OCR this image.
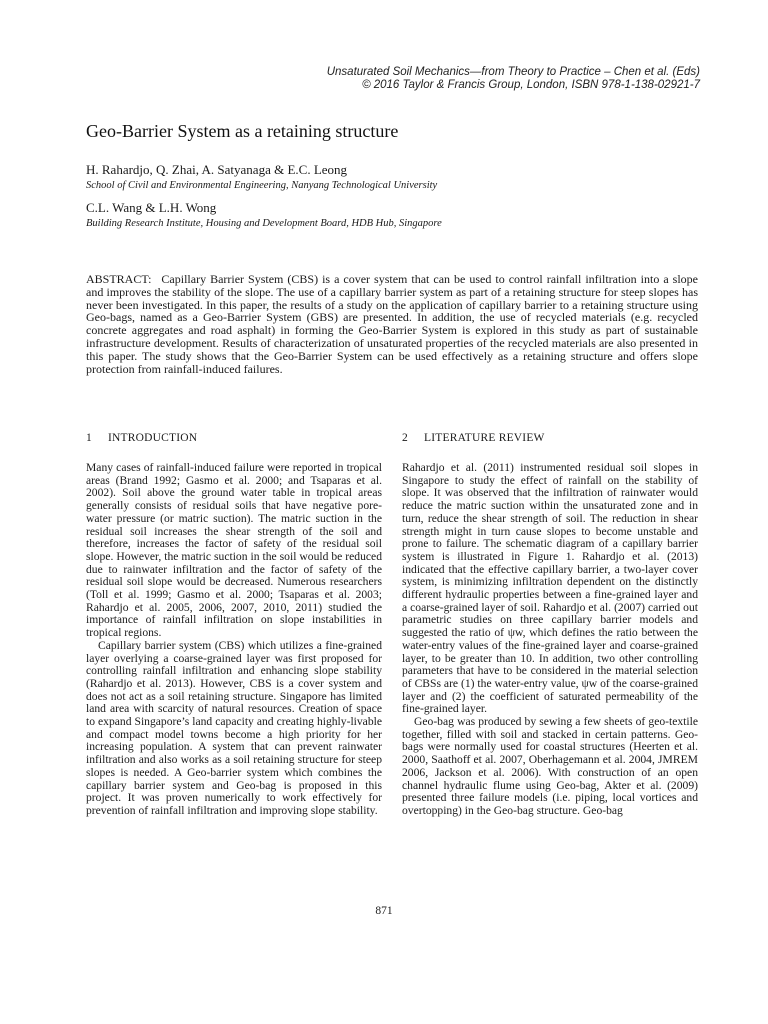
Unsaturated Soil Mechanics—from Theory to Practice – Chen et al. (Eds)
© 2016 Taylor & Francis Group, London, ISBN 978-1-138-02921-7
Geo-Barrier System as a retaining structure

H. Rahardjo, Q. Zhai, A. Satyanaga & E.C. Leong

School of Civil and Environmental Engineering, Nanyang Technological University

C.L. Wang & L.H. Wong

Building Research Institute, Housing and Development Board, HDB Hub, Singapore

ABSTRACT: Capillary Barrier System (CBS) is a cover system that can be used to control rainfall infiltration into a slope and improves the stability of the slope. The use of a capillary barrier system as part of a retaining structure for steep slopes has never been investigated. In this paper, the results of a study on the application of capillary barrier to a retaining structure using Geo-bags, named as a Geo-Barrier System (GBS) are presented. In addition, the use of recycled materials (e.g. recycled concrete aggregates and road asphalt) in forming the Geo-Barrier System is explored in this study as part of sustainable infrastructure development. Results of characterization of unsaturated properties of the recycled materials are also presented in this paper. The study shows that the Geo-Barrier System can be used effectively as a retaining structure and offers slope protection from rainfall-induced failures.

1 INTRODUCTION

Many cases of rainfall-induced failure were reported in tropical areas (Brand 1992; Gasmo et al. 2000; and Tsaparas et al. 2002). Soil above the ground water table in tropical areas generally consists of residual soils that have negative pore-water pressure (or matric suction). The matric suction in the residual soil increases the shear strength of the soil and therefore, increases the factor of safety of the residual soil slope. However, the matric suction in the soil would be reduced due to rainwater infiltration and the factor of safety of the residual soil slope would be decreased. Numerous researchers (Toll et al. 1999; Gasmo et al. 2000; Tsaparas et al. 2003; Rahardjo et al. 2005, 2006, 2007, 2010, 2011) studied the importance of rainfall infiltration on slope instabilities in tropical regions.

Capillary barrier system (CBS) which utilizes a fine-grained layer overlying a coarse-grained layer was first proposed for controlling rainfall infiltration and enhancing slope stability (Rahardjo et al. 2013). However, CBS is a cover system and does not act as a soil retaining structure. Singapore has limited land area with scarcity of natural resources. Creation of space to expand Singapore’s land capacity and creating highly-livable and compact model towns become a high priority for her increasing population. A system that can prevent rainwater infiltration and also works as a soil retaining structure for steep slopes is needed. A Geo-barrier system which combines the capillary barrier system and Geo-bag is proposed in this project. It was proven numerically to work effectively for prevention of rainfall infiltration and improving slope stability.

2 LITERATURE REVIEW

Rahardjo et al. (2011) instrumented residual soil slopes in Singapore to study the effect of rainfall on the stability of slope. It was observed that the infiltration of rainwater would reduce the matric suction within the unsaturated zone and in turn, reduce the shear strength of soil. The reduction in shear strength might in turn cause slopes to become unstable and prone to failure. The schematic diagram of a capillary barrier system is illustrated in Figure 1. Rahardjo et al. (2013) indicated that the effective capillary barrier, a two-layer cover system, is minimizing infiltration dependent on the distinctly different hydraulic properties between a fine-grained layer and a coarse-grained layer of soil. Rahardjo et al. (2007) carried out parametric studies on three capillary barrier models and suggested the ratio of ψw, which defines the ratio between the water-entry values of the fine-grained layer and coarse-grained layer, to be greater than 10. In addition, two other controlling parameters that have to be considered in the material selection of CBSs are (1) the water-entry value, ψw of the coarse-grained layer and (2) the coefficient of saturated permeability of the fine-grained layer.

Geo-bag was produced by sewing a few sheets of geo-textile together, filled with soil and stacked in certain patterns. Geo-bags were normally used for coastal structures (Heerten et al. 2000, Saathoff et al. 2007, Oberhagemann et al. 2004, JMREM 2006, Jackson et al. 2006). With construction of an open channel hydraulic flume using Geo-bag, Akter et al. (2009) presented three failure models (i.e. piping, local vortices and overtopping) in the Geo-bag structure. Geo-bag

871
